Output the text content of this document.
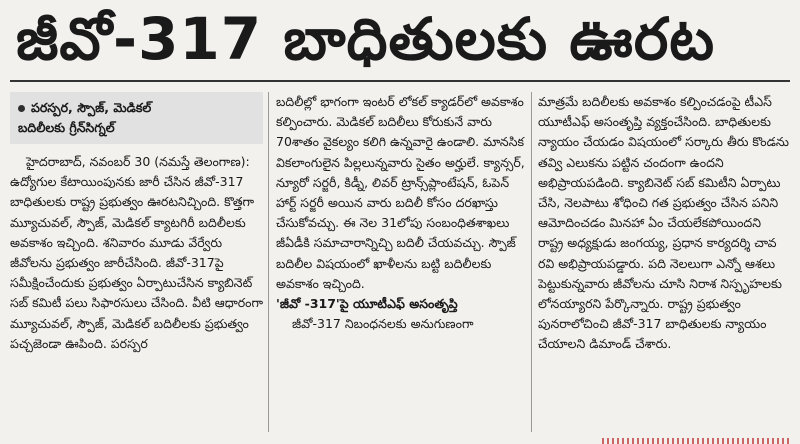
జీవో-317 బాధితులకు ఊరట
పరస్పర, స్పౌజ్, మెడికల్
బదిలీలకు గ్రీన్‌సిగ్నల్

హైదరాబాద్, నవంబర్ 30 (నమస్తే తెలంగాణ): ఉద్యోగుల కేటాయింపునకు జారీ చేసిన జీవో-317 బాధితులకు రాష్ట్ర ప్రభుత్వం ఊరటనిచ్చింది. కొత్తగా మ్యూచువల్, స్పౌజ్, మెడికల్ క్యాటగిరీ బదిలీలకు అవకాశం ఇచ్చింది. శనివారం మూడు వేర్వేరు జీవోలను ప్రభుత్వం జారీచేసింది. జీవో-317పై సమీక్షించేందుకు ప్రభుత్వం ఏర్పాటుచేసిన క్యాబినెట్ సబ్ కమిటీ పలు సిఫారసులు చేసింది. వీటి ఆధారంగా మ్యూచువల్, స్పౌజ్, మెడికల్ బదిలీలకు ప్రభుత్వం పచ్చజెండా ఊపింది. పరస్పర

బదిలీల్లో భాగంగా ఇంటర్ లోకల్ క్యాడర్‌లో అవకాశం కల్పించారు. మెడికల్ బదిలీలు కోరుకునే వారు 70శాతం వైకల్యం కలిగి ఉన్నవారై ఉండాలి. మానసిక వికలాంగులైన పిల్లలున్నవారు సైతం అర్హులే. క్యాన్సర్, న్యూరో సర్జరీ, కిడ్నీ, లివర్ ట్రాన్స్‌ప్లాంటేషన్, ఓపెన్ హార్ట్ సర్జరీ అయిన వారు బదిలీ కోసం దరఖాస్తు చేసుకోవచ్చు. ఈ నెల 31లోపు సంబంధితశాఖలు జీఏడీకి సమాచారాన్నిచ్చి బదిలీ చేయవచ్చు. స్పౌజ్ బదిలీల విషయంలో ఖాళీలను బట్టి బదిలీలకు అవకాశం ఇచ్చింది.

'జీవో -317'పై యూటీఎఫ్ అసంతృప్తి

జీవో-317 నిబంధనలకు అనుగుణంగా

మాత్రమే బదిలీలకు అవకాశం కల్పించడంపై టీఎస్ యూటీఎఫ్ అసంతృప్తి వ్యక్తంచేసింది. బాధితులకు న్యాయం చేయడం విషయంలో సర్కారు తీరు కొండను తవ్వి ఎలుకను పట్టిన చందంగా ఉందని అభిప్రాయపడింది. క్యాబినెట్ సబ్ కమిటీని ఏర్పాటు చేసి, నెలపాటు శోధించి గత ప్రభుత్వం చేసిన పనిని ఆమోదించడం మినహా ఏం చేయలేకపోయిందని రాష్ట్ర అధ్యక్షుడు జంగయ్య, ప్రధాన కార్యదర్శి చావ రవి అభిప్రాయపడ్డారు. పది నెలలుగా ఎన్నో ఆశలు పెట్టుకున్నవారు జీవోలను చూసి నిరాశ నిస్పృహలకు లోనయ్యారని పేర్కొన్నారు. రాష్ట్ర ప్రభుత్వం పునరాలోచించి జీవో-317 బాధితులకు న్యాయం చేయాలని డిమాండ్ చేశారు.
